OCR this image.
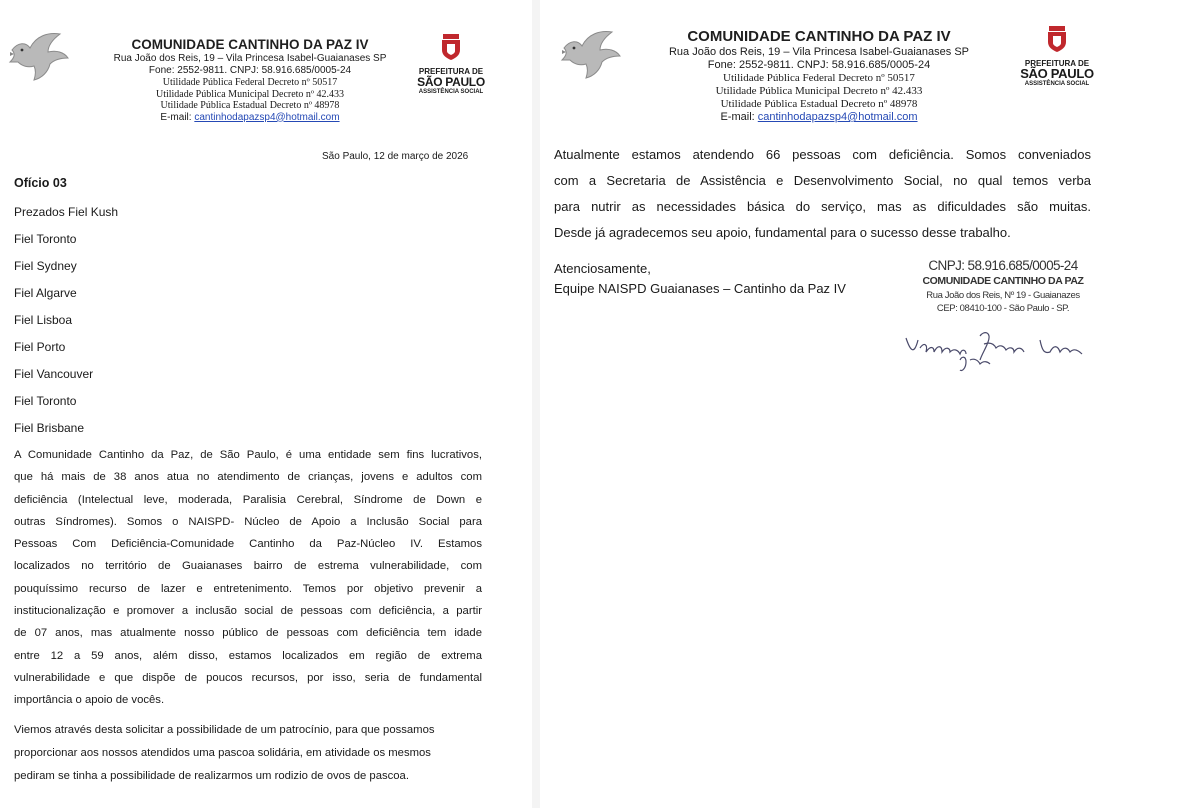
COMUNIDADE CANTINHO DA PAZ IV
Rua João dos Reis, 19 – Vila Princesa Isabel-Guaianases SP
Fone: 2552-9811. CNPJ: 58.916.685/0005-24
Utilidade Pública Federal Decreto nº 50517
Utilidade Pública Municipal Decreto nº 42.433
Utilidade Pública Estadual Decreto nº 48978
E-mail: cantinhodapazsp4@hotmail.com
PREFEITURA DE
SÃO PAULO
ASSISTÊNCIA SOCIAL
São Paulo, 12 de março de 2026
Ofício 03
Prezados Fiel Kush
Fiel Toronto
Fiel Sydney
Fiel Algarve
Fiel Lisboa
Fiel Porto
Fiel Vancouver
Fiel Toronto
Fiel Brisbane
A Comunidade Cantinho da Paz, de São Paulo, é uma entidade sem fins lucrativos,
que há mais de 38 anos atua no atendimento de crianças, jovens e adultos com
deficiência (Intelectual leve, moderada, Paralisia Cerebral, Síndrome de Down e
outras Síndromes). Somos o NAISPD- Núcleo de Apoio a Inclusão Social para
Pessoas Com Deficiência-Comunidade Cantinho da Paz-Núcleo IV. Estamos
localizados no território de Guaianases bairro de estrema vulnerabilidade, com
pouquíssimo recurso de lazer e entretenimento. Temos por objetivo prevenir a
institucionalização e promover a inclusão social de pessoas com deficiência, a partir
de 07 anos, mas atualmente nosso público de pessoas com deficiência tem idade
entre 12 a 59 anos, além disso, estamos localizados em região de extrema
vulnerabilidade e que dispõe de poucos recursos, por isso, seria de fundamental
importância o apoio de vocês.
Viemos através desta solicitar a possibilidade de um patrocínio, para que possamos
proporcionar aos nossos atendidos uma pascoa solidária, em atividade os mesmos
pediram se tinha a possibilidade de realizarmos um rodizio de ovos de pascoa.
COMUNIDADE CANTINHO DA PAZ IV
Rua João dos Reis, 19 – Vila Princesa Isabel-Guaianases SP
Fone: 2552-9811. CNPJ: 58.916.685/0005-24
Utilidade Pública Federal Decreto nº 50517
Utilidade Pública Municipal Decreto nº 42.433
Utilidade Pública Estadual Decreto nº 48978
E-mail: cantinhodapazsp4@hotmail.com
PREFEITURA DE
SÃO PAULO
ASSISTÊNCIA SOCIAL
Atualmente estamos atendendo 66 pessoas com deficiência. Somos conveniados
com a Secretaria de Assistência e Desenvolvimento Social, no qual temos verba
para nutrir as necessidades básica do serviço, mas as dificuldades são muitas.
Desde já agradecemos seu apoio, fundamental para o sucesso desse trabalho.
Atenciosamente,
Equipe NAISPD Guaianases – Cantinho da Paz IV
CNPJ: 58.916.685/0005-24
COMUNIDADE CANTINHO DA PAZ
Rua João dos Reis, Nº 19 - Guaianazes
CEP: 08410-100 - São Paulo - SP.
